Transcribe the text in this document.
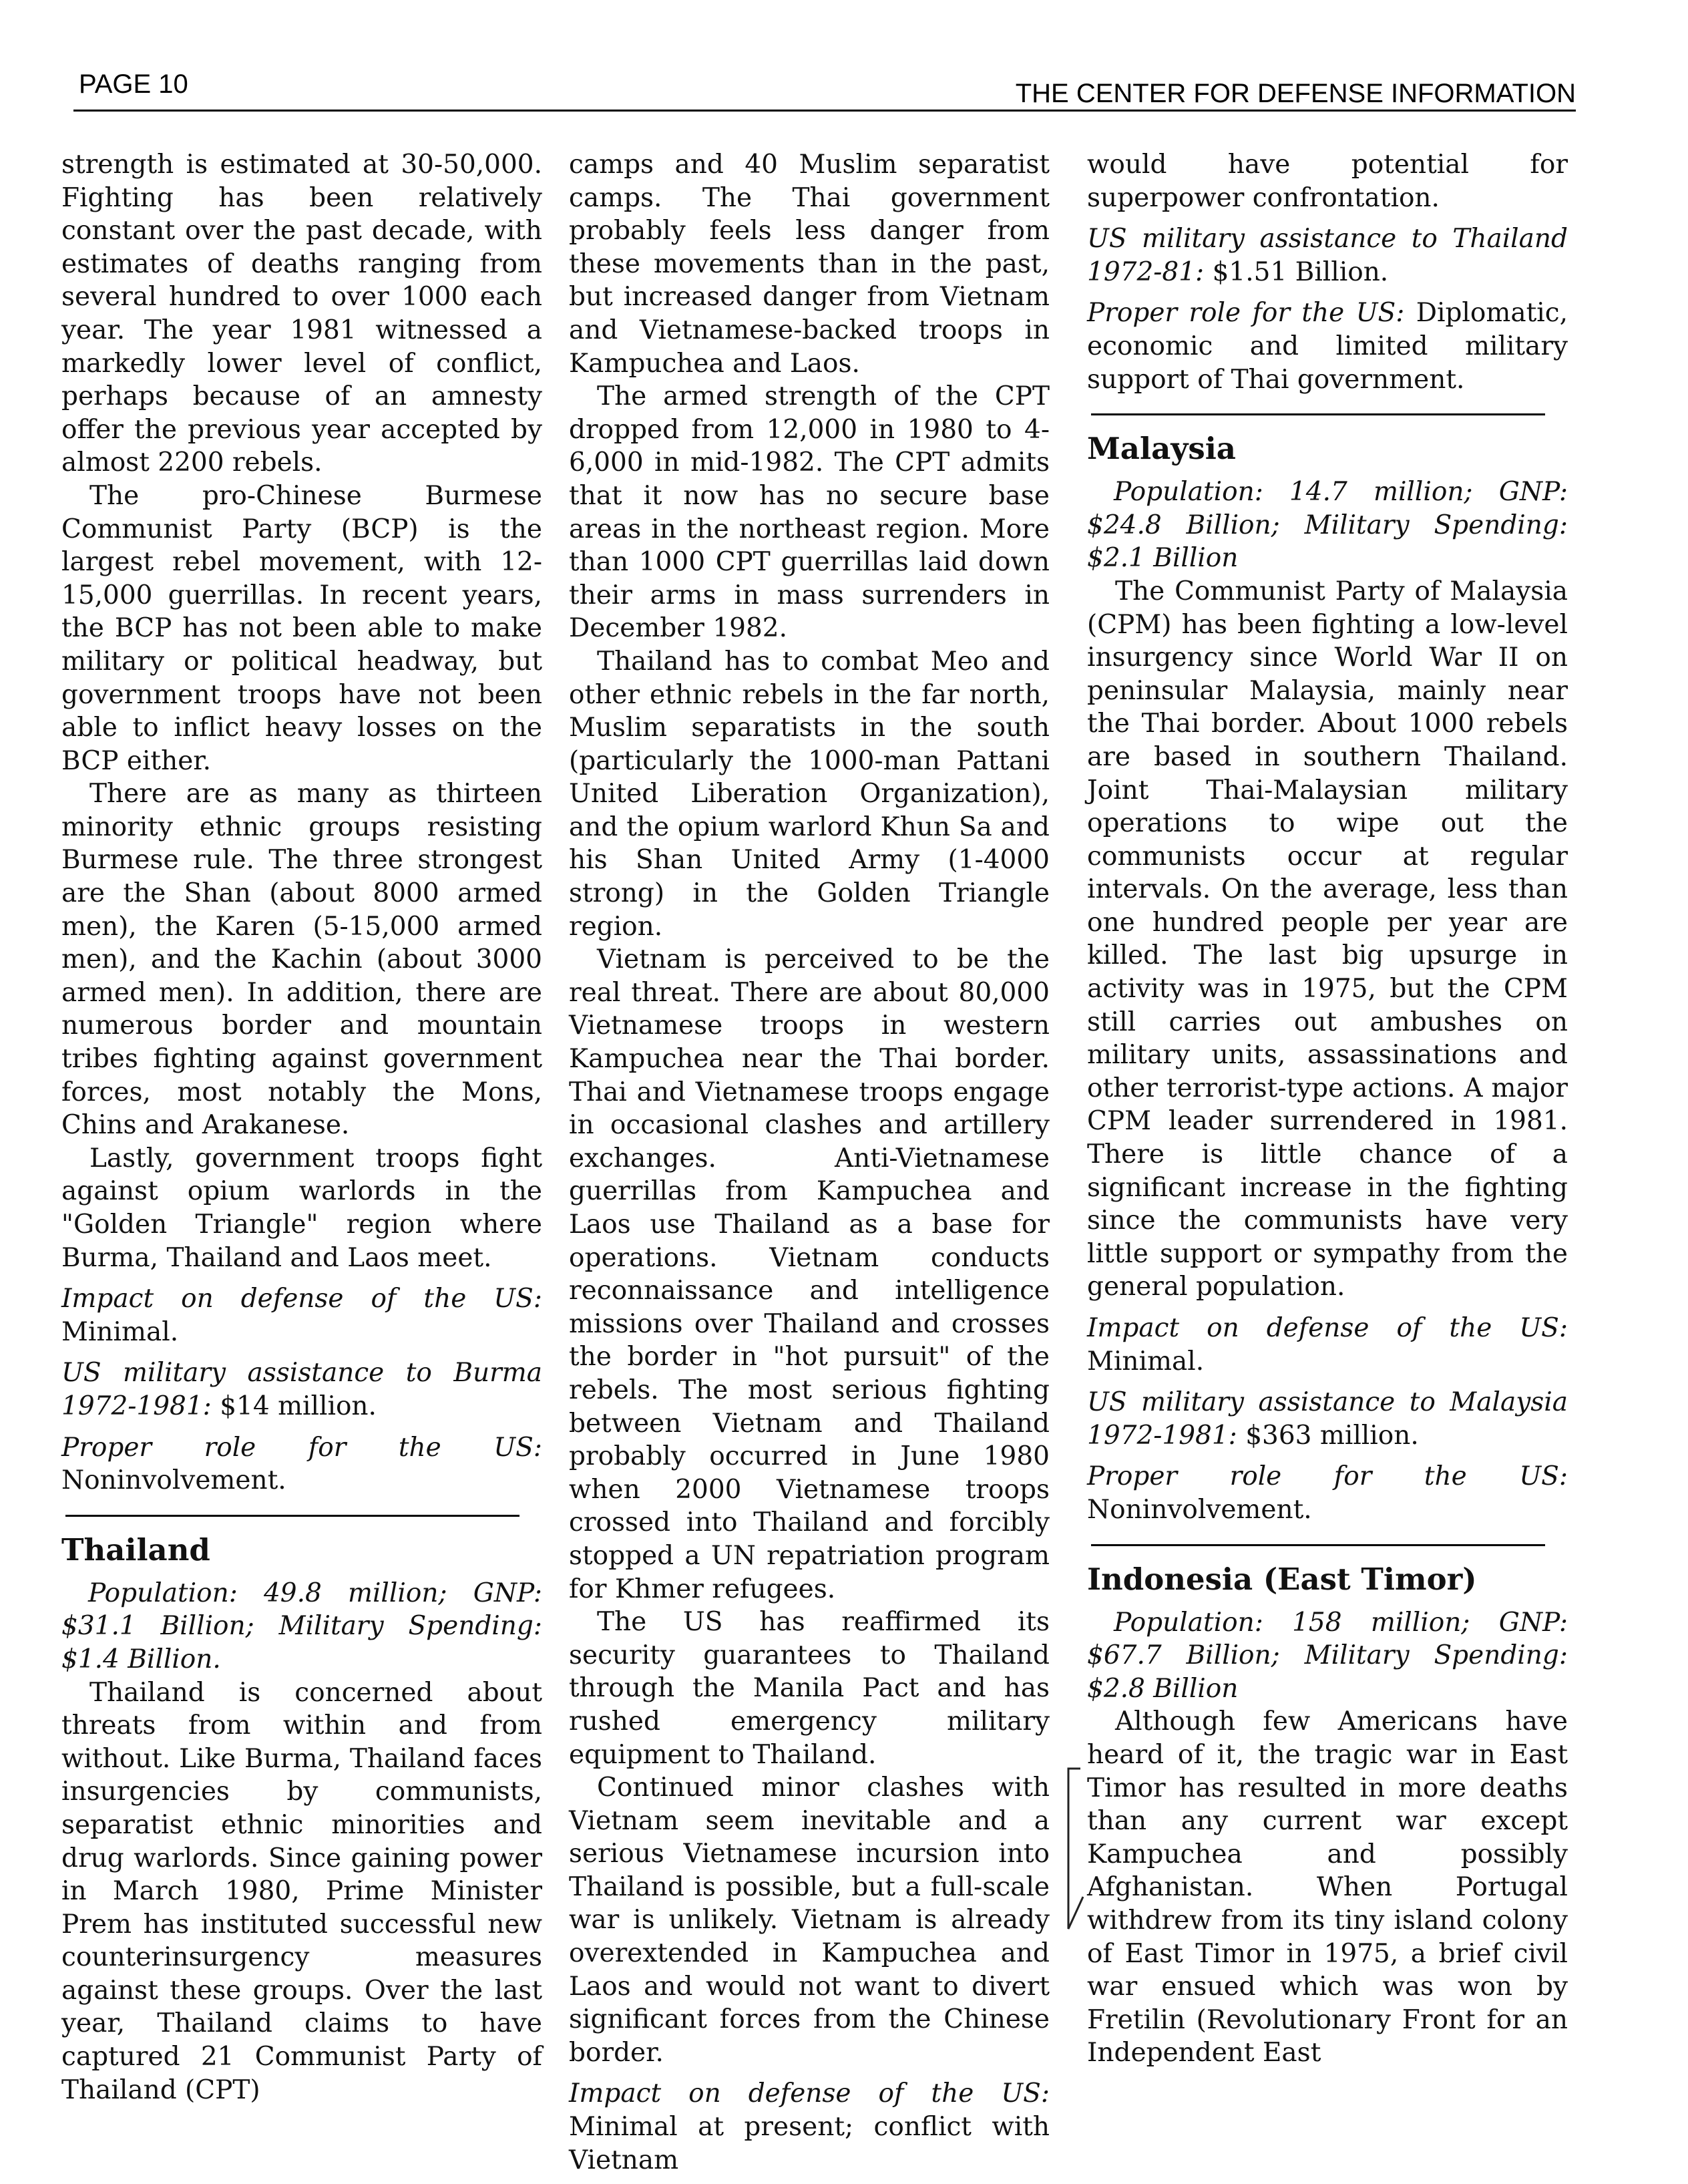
PAGE 10	THE CENTER FOR DEFENSE INFORMATION

strength is estimated at 30-50,000. Fighting has been relatively constant over the past decade, with estimates of deaths ranging from several hundred to over 1000 each year. The year 1981 witnessed a markedly lower level of conflict, perhaps because of an amnesty offer the previous year accepted by almost 2200 rebels.

The pro-Chinese Burmese Communist Party (BCP) is the largest rebel movement, with 12-15,000 guerrillas. In recent years, the BCP has not been able to make military or political headway, but government troops have not been able to inflict heavy losses on the BCP either.

There are as many as thirteen minority ethnic groups resisting Burmese rule. The three strongest are the Shan (about 8000 armed men), the Karen (5-15,000 armed men), and the Kachin (about 3000 armed men). In addition, there are numerous border and mountain tribes fighting against government forces, most notably the Mons, Chins and Arakanese.

Lastly, government troops fight against opium warlords in the "Golden Triangle" region where Burma, Thailand and Laos meet.

Impact on defense of the US: Minimal.

US military assistance to Burma 1972-1981: $14 million.

Proper role for the US: Noninvolvement.

Thailand

Population: 49.8 million; GNP: $31.1 Billion; Military Spending: $1.4 Billion.

Thailand is concerned about threats from within and from without. Like Burma, Thailand faces insurgencies by communists, separatist ethnic minorities and drug warlords. Since gaining power in March 1980, Prime Minister Prem has instituted successful new counterinsurgency measures against these groups. Over the last year, Thailand claims to have captured 21 Communist Party of Thailand (CPT)

camps and 40 Muslim separatist camps. The Thai government probably feels less danger from these movements than in the past, but increased danger from Vietnam and Vietnamese-backed troops in Kampuchea and Laos.

The armed strength of the CPT dropped from 12,000 in 1980 to 4-6,000 in mid-1982. The CPT admits that it now has no secure base areas in the northeast region. More than 1000 CPT guerrillas laid down their arms in mass surrenders in December 1982.

Thailand has to combat Meo and other ethnic rebels in the far north, Muslim separatists in the south (particularly the 1000-man Pattani United Liberation Organization), and the opium warlord Khun Sa and his Shan United Army (1-4000 strong) in the Golden Triangle region.

Vietnam is perceived to be the real threat. There are about 80,000 Vietnamese troops in western Kampuchea near the Thai border. Thai and Vietnamese troops engage in occasional clashes and artillery exchanges. Anti-Vietnamese guerrillas from Kampuchea and Laos use Thailand as a base for operations. Vietnam conducts reconnaissance and intelligence missions over Thailand and crosses the border in "hot pursuit" of the rebels. The most serious fighting between Vietnam and Thailand probably occurred in June 1980 when 2000 Vietnamese troops crossed into Thailand and forcibly stopped a UN repatriation program for Khmer refugees.

The US has reaffirmed its security guarantees to Thailand through the Manila Pact and has rushed emergency military equipment to Thailand.

Continued minor clashes with Vietnam seem inevitable and a serious Vietnamese incursion into Thailand is possible, but a full-scale war is unlikely. Vietnam is already overextended in Kampuchea and Laos and would not want to divert significant forces from the Chinese border.

Impact on defense of the US: Minimal at present; conflict with Vietnam

would have potential for superpower confrontation.

US military assistance to Thailand 1972-81: $1.51 Billion.

Proper role for the US: Diplomatic, economic and limited military support of Thai government.

Malaysia

Population: 14.7 million; GNP: $24.8 Billion; Military Spending: $2.1 Billion

The Communist Party of Malaysia (CPM) has been fighting a low-level insurgency since World War II on peninsular Malaysia, mainly near the Thai border. About 1000 rebels are based in southern Thailand. Joint Thai-Malaysian military operations to wipe out the communists occur at regular intervals. On the average, less than one hundred people per year are killed. The last big upsurge in activity was in 1975, but the CPM still carries out ambushes on military units, assassinations and other terrorist-type actions. A major CPM leader surrendered in 1981. There is little chance of a significant increase in the fighting since the communists have very little support or sympathy from the general population.

Impact on defense of the US: Minimal.

US military assistance to Malaysia 1972-1981: $363 million.

Proper role for the US: Noninvolvement.

Indonesia (East Timor)

Population: 158 million; GNP: $67.7 Billion; Military Spending: $2.8 Billion

Although few Americans have heard of it, the tragic war in East Timor has resulted in more deaths than any current war except Kampuchea and possibly Afghanistan. When Portugal withdrew from its tiny island colony of East Timor in 1975, a brief civil war ensued which was won by Fretilin (Revolutionary Front for an Independent East
